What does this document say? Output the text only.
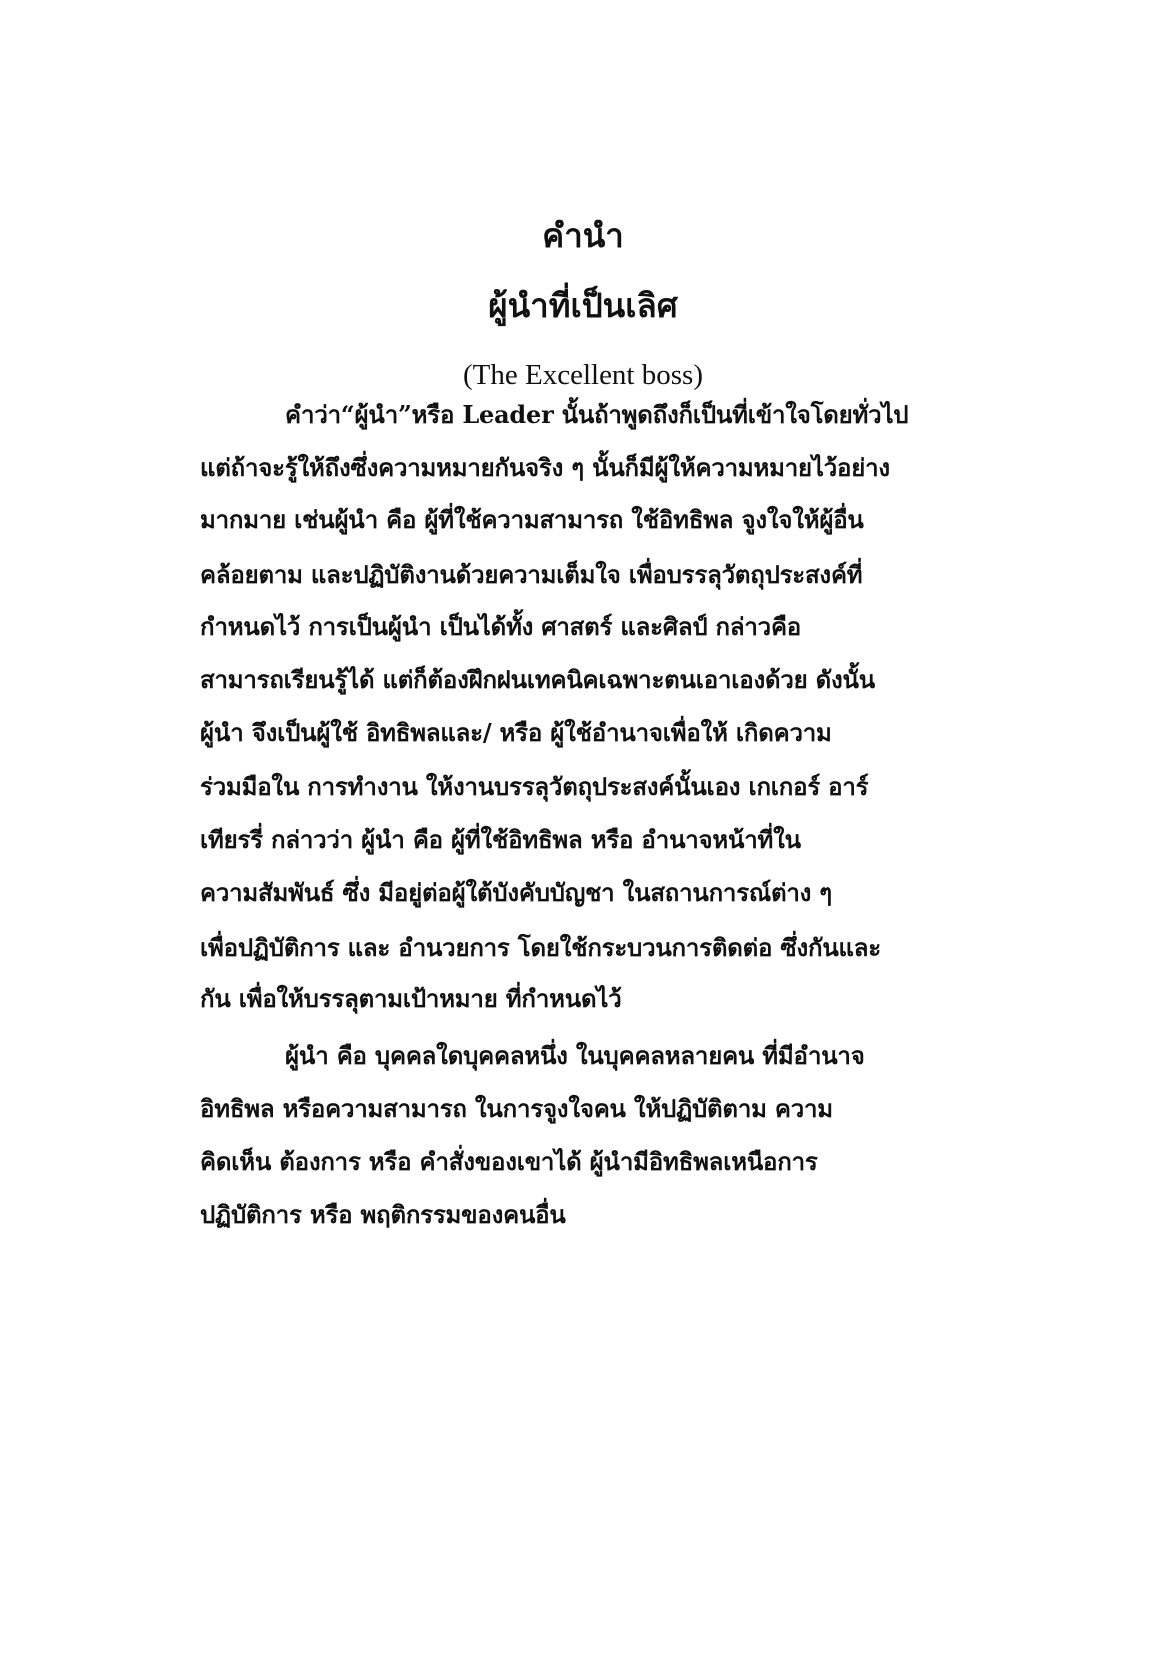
คำนำ
ผู้นำที่เป็นเลิศ
(The Excellent boss)
คำว่า“ผู้นำ”หรือ Leader นั้นถ้าพูดถึงก็เป็นที่เข้าใจโดยทั่วไป
แต่ถ้าจะรู้ให้ถึงซึ่งความหมายกันจริง ๆ นั้นก็มีผู้ให้ความหมายไว้อย่าง
มากมาย เช่นผู้นำ คือ ผู้ที่ใช้ความสามารถ ใช้อิทธิพล จูงใจให้ผู้อื่น
คล้อยตาม และปฏิบัติงานด้วยความเต็มใจ เพื่อบรรลุวัตถุประสงค์ที่
กำหนดไว้ การเป็นผู้นำ เป็นได้ทั้ง ศาสตร์ และศิลป์ กล่าวคือ
สามารถเรียนรู้ได้ แต่ก็ต้องฝึกฝนเทคนิคเฉพาะตนเอาเองด้วย ดังนั้น
ผู้นำ จึงเป็นผู้ใช้ อิทธิพลและ/ หรือ ผู้ใช้อำนาจเพื่อให้ เกิดความ
ร่วมมือใน การทำงาน ให้งานบรรลุวัตถุประสงค์นั้นเอง เกเกอร์ อาร์
เทียรรี่ กล่าวว่า ผู้นำ คือ ผู้ที่ใช้อิทธิพล หรือ อำนาจหน้าที่ใน
ความสัมพันธ์ ซึ่ง มีอยู่ต่อผู้ใต้บังคับบัญชา ในสถานการณ์ต่าง ๆ
เพื่อปฏิบัติการ และ อำนวยการ โดยใช้กระบวนการติดต่อ ซึ่งกันและ
กัน เพื่อให้บรรลุตามเป้าหมาย ที่กำหนดไว้
ผู้นำ คือ บุคคลใดบุคคลหนึ่ง ในบุคคลหลายคน ที่มีอำนาจ
อิทธิพล หรือความสามารถ ในการจูงใจคน ให้ปฏิบัติตาม ความ
คิดเห็น ต้องการ หรือ คำสั่งของเขาได้ ผู้นำมีอิทธิพลเหนือการ
ปฏิบัติการ หรือ พฤติกรรมของคนอื่น
